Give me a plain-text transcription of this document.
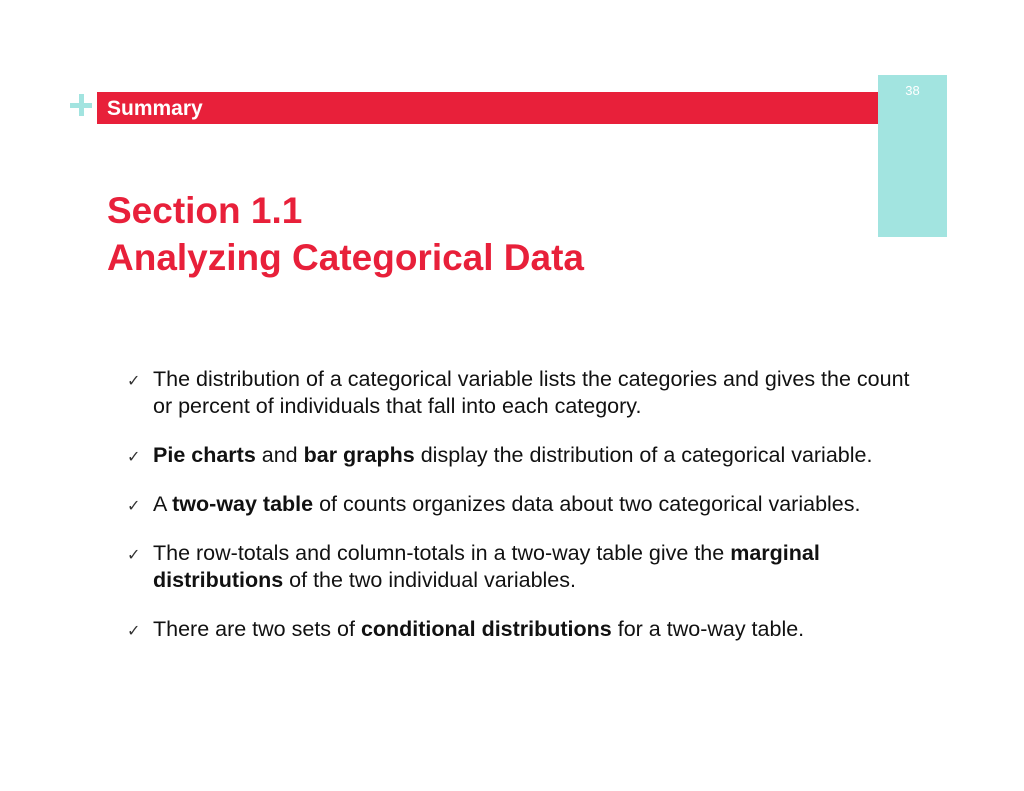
38
Summary
Section 1.1
Analyzing Categorical Data
✓ The distribution of a categorical variable lists the categories and gives the count or percent of individuals that fall into each category.
✓ Pie charts and bar graphs display the distribution of a categorical variable.
✓ A two-way table of counts organizes data about two categorical variables.
✓ The row-totals and column-totals in a two-way table give the marginal distributions of the two individual variables.
✓ There are two sets of conditional distributions for a two-way table.
